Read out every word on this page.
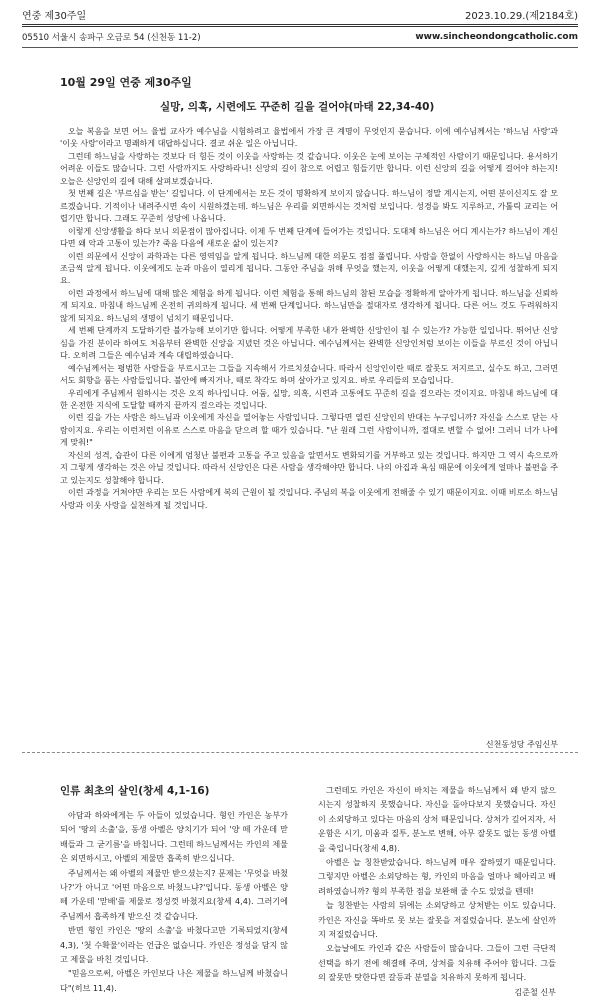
연중 제30주일	2023.10.29.(제2184호)
05510 서울시 송파구 오금로 54 (신천동 11-2)	www.sincheondongcatholic.com
10월 29일 연중 제30주일
실망, 의혹, 시련에도 꾸준히 길을 걸어야(마태 22,34-40)

오늘 복음을 보면 어느 율법 교사가 예수님을 시험하려고 율법에서 가장 큰 계명이 무엇인지 묻습니다. 이에 예수님께서는 '하느님 사랑'과 '이웃 사랑'이라고 명쾌하게 대답하십니다. 결코 쉬운 일은 아닙니다.

그런데 하느님을 사랑하는 것보다 더 힘든 것이 이웃을 사랑하는 것 같습니다. 이웃은 눈에 보이는 구체적인 사람이기 때문입니다. 용서하기 어려운 이들도 많습니다. 그런 사람까지도 사랑하라니! 신앙의 길이 참으로 어렵고 힘들기만 합니다. 이런 신앙의 길을 어떻게 걸어야 하는지! 오늘은 신앙인의 길에 대해 살펴보겠습니다.

첫 번째 길은 '부르심을 받는' 길입니다. 이 단계에서는 모든 것이 명확하게 보이지 않습니다. 하느님이 정말 계시는지, 어떤 분이신지도 잘 모르겠습니다. 기적이나 내려주시면 속이 시원하겠는데. 하느님은 우리를 외면하시는 것처럼 보입니다. 성경을 봐도 지루하고, 가톨릭 교리는 어렵기만 합니다. 그래도 꾸준히 성당에 나옵니다.

이렇게 신앙생활을 하다 보니 의문점이 많아집니다. 이제 두 번째 단계에 들어가는 것입니다. 도대체 하느님은 어디 계시는가? 하느님이 계신다면 왜 악과 고통이 있는가? 죽음 다음에 새로운 삶이 있는지?

이런 의문에서 신앙이 과학과는 다른 영역임을 알게 됩니다. 하느님께 대한 의문도 점점 풀립니다. 사람을 한없이 사랑하시는 하느님 마음을 조금씩 알게 됩니다. 이웃에게도 눈과 마음이 열리게 됩니다. 그동안 주님을 위해 무엇을 했는지, 이웃을 어떻게 대했는지, 깊게 성찰하게 되지요.

이런 과정에서 하느님에 대해 많은 체험을 하게 됩니다. 이런 체험을 통해 하느님의 참된 모습을 정확하게 알아가게 됩니다. 하느님을 신뢰하게 되지요. 마침내 하느님께 온전히 귀의하게 됩니다. 세 번째 단계입니다. 하느님만을 절대자로 생각하게 됩니다. 다른 어느 것도 두려워하지 않게 되지요. 하느님의 생명이 넘치기 때문입니다.

세 번째 단계까지 도달하기란 불가능해 보이기만 합니다. 어떻게 부족한 내가 완벽한 신앙인이 될 수 있는가? 가능한 일입니다. 뛰어난 신앙심을 가진 분이라 하여도 처음부터 완벽한 신앙을 지녔던 것은 아닙니다. 예수님께서는 완벽한 신앙인처럼 보이는 이들을 부르신 것이 아닙니다. 오히려 그들은 예수님과 계속 대립하였습니다.

예수님께서는 평범한 사람들을 부르시고는 그들을 지속해서 가르치셨습니다. 따라서 신앙인이란 때로 잘못도 저지르고, 실수도 하고, 그러면서도 회향을 품는 사람들입니다. 불안에 빠지거나, 때로 착각도 하며 살아가고 있지요. 바로 우리들의 모습입니다.

우리에게 주님께서 원하시는 것은 오직 하나입니다. 어둠, 실망, 의혹, 시련과 고통에도 꾸준히 길을 걸으라는 것이지요. 마침내 하느님에 대한 온전한 지식에 도달할 때까지 끝까지 걸으라는 것입니다.

이런 길을 가는 사람은 하느님과 이웃에게 자신을 열어놓는 사람입니다. 그렇다면 열린 신앙인의 반대는 누구입니까? 자신을 스스로 닫는 사람이지요. 우리는 이런저런 이유로 스스로 마음을 닫으려 할 때가 있습니다. "난 원래 그런 사람이니까, 절대로 변할 수 없어! 그러니 너가 나에게 맞춰!"

자신의 성격, 습관이 다른 이에게 엄청난 불편과 고통을 주고 있음을 알면서도 변화되기를 거부하고 있는 것입니다. 하지만 그 역시 속으로까지 그렇게 생각하는 것은 아닐 것입니다. 따라서 신앙인은 다른 사람을 생각해야만 합니다. 나의 아집과 욕심 때문에 이웃에게 얼마나 불편을 주고 있는지도 성찰해야 합니다.

이런 과정을 거쳐야만 우리는 모든 사람에게 복의 근원이 될 것입니다. 주님의 복을 이웃에게 전해줄 수 있기 때문이지요. 이때 비로소 하느님 사랑과 이웃 사랑을 실천하게 될 것입니다.

신천동성당 주임신부
인류 최초의 살인(창세 4,1-16)

아담과 하와에게는 두 아들이 있었습니다. 형인 카인은 농부가 되어 '땅의 소출'을, 동생 아벨은 양치기가 되어 '양 떼 가운데 맏배들과 그 굳기름'을 바칩니다. 그런데 하느님께서는 카인의 제물은 외면하시고, 아벨의 제물만 흡족히 받으십니다.

주님께서는 왜 아벨의 제물만 받으셨는지? 문제는 '무엇을 바쳤나?'가 아니고 '어떤 마음으로 바쳤느냐?'입니다. 동생 아벨은 양 떼 가운데 '맏배'를 제물로 정성껏 바쳤지요(창세 4,4). 그러기에 주님께서 흡족하게 받으신 것 같습니다.

반면 형인 카인은 '땅의 소출'을 바쳤다고만 기록되었지(창세 4,3), '첫 수확물'이라는 언급은 없습니다. 카인은 정성을 담지 않고 제물을 바친 것입니다.

"믿음으로써, 아벨은 카인보다 나은 제물을 하느님께 바쳤습니다"(히브 11,4).

그런데도 카인은 자신이 바치는 제물을 하느님께서 왜 받지 않으시는지 성찰하지 못했습니다. 자신을 돌아다보지 못했습니다. 자신이 소외당하고 있다는 마음의 상처 때문입니다. 상처가 깊어지자, 서운함은 시기, 미움과 질투, 분노로 변해, 아무 잘못도 없는 동생 아벨을 죽입니다(창세 4,8).

아벨은 늘 칭찬받았습니다. 하느님께 매우 잘하였기 때문입니다. 그렇지만 아벨은 소외당하는 형, 카인의 마음을 얼마나 헤아리고 배려하였습니까? 형의 부족한 점을 보완해 줄 수도 있었을 텐데!

늘 칭찬받는 사람의 뒤에는 소외당하고 상처받는 이도 있습니다. 카인은 자신을 똑바로 못 보는 잘못을 저질렀습니다. 분노에 살인까지 저질렀습니다.

오늘날에도 카인과 같은 사람들이 많습니다. 그들이 그런 극단적 선택을 하기 전에 해결해 주며, 상처를 치유해 주어야 합니다. 그들의 잘못만 탓한다면 갈등과 분열을 치유하지 못하게 됩니다.

김준철 신부
